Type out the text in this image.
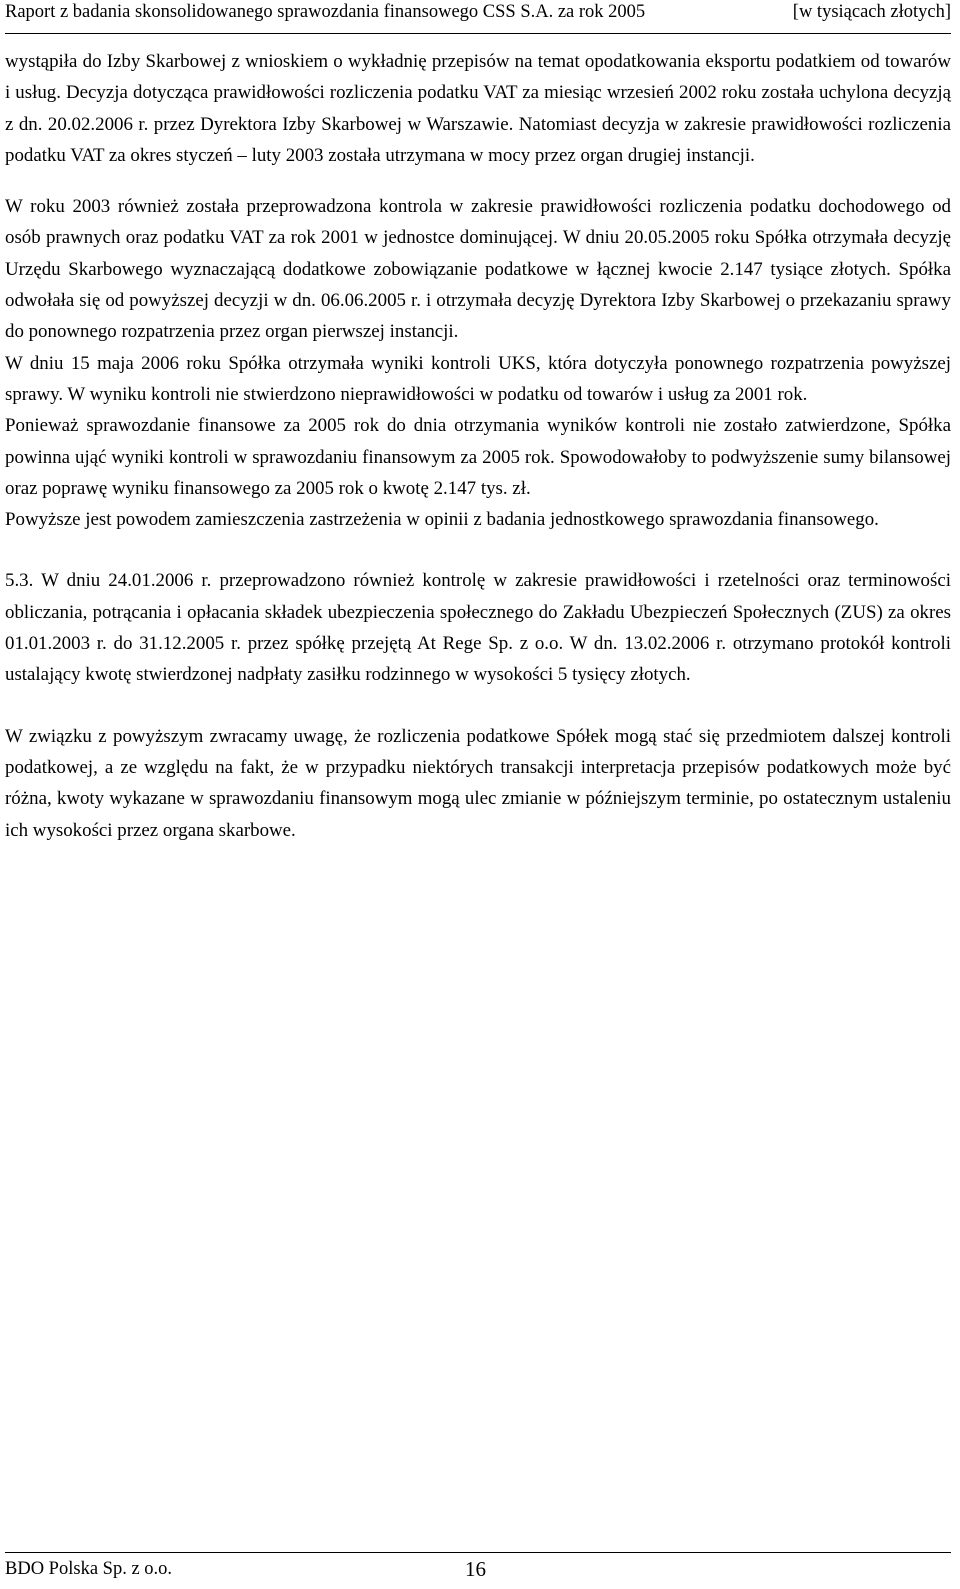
Raport z badania skonsolidowanego sprawozdania finansowego CSS S.A. za rok 2005	[w tysiącach złotych]

wystąpiła do Izby Skarbowej z wnioskiem o wykładnię przepisów na temat opodatkowania eksportu podatkiem od towarów i usług. Decyzja dotycząca prawidłowości rozliczenia podatku VAT za miesiąc wrzesień 2002 roku została uchylona decyzją z dn. 20.02.2006 r. przez Dyrektora Izby Skarbowej w Warszawie. Natomiast decyzja w zakresie prawidłowości rozliczenia podatku VAT za okres styczeń – luty 2003 została utrzymana w mocy przez organ drugiej instancji.

W roku 2003 również została przeprowadzona kontrola w zakresie prawidłowości rozliczenia podatku dochodowego od osób prawnych oraz podatku VAT za rok 2001 w jednostce dominującej. W dniu 20.05.2005 roku Spółka otrzymała decyzję Urzędu Skarbowego wyznaczającą dodatkowe zobowiązanie podatkowe w łącznej kwocie 2.147 tysiące złotych. Spółka odwołała się od powyższej decyzji w dn. 06.06.2005 r. i otrzymała decyzję Dyrektora Izby Skarbowej o przekazaniu sprawy do ponownego rozpatrzenia przez organ pierwszej instancji.

W dniu 15 maja 2006 roku Spółka otrzymała wyniki kontroli UKS, która dotyczyła ponownego rozpatrzenia powyższej sprawy. W wyniku kontroli nie stwierdzono nieprawidłowości w podatku od towarów i usług za 2001 rok.

Ponieważ sprawozdanie finansowe za 2005 rok do dnia otrzymania wyników kontroli nie zostało zatwierdzone, Spółka powinna ująć wyniki kontroli w sprawozdaniu finansowym za 2005 rok. Spowodowałoby to podwyższenie sumy bilansowej oraz poprawę wyniku finansowego za 2005 rok o kwotę 2.147 tys. zł.

Powyższe jest powodem zamieszczenia zastrzeżenia w opinii z badania jednostkowego sprawozdania finansowego.

5.3. W dniu 24.01.2006 r. przeprowadzono również kontrolę w zakresie prawidłowości i rzetelności oraz terminowości obliczania, potrącania i opłacania składek ubezpieczenia społecznego do Zakładu Ubezpieczeń Społecznych (ZUS) za okres 01.01.2003 r. do 31.12.2005 r. przez spółkę przejętą At Rege Sp. z o.o. W dn. 13.02.2006 r. otrzymano protokół kontroli ustalający kwotę stwierdzonej nadpłaty zasiłku rodzinnego w wysokości 5 tysięcy złotych.

W związku z powyższym zwracamy uwagę, że rozliczenia podatkowe Spółek mogą stać się przedmiotem dalszej kontroli podatkowej, a ze względu na fakt, że w przypadku niektórych transakcji interpretacja przepisów podatkowych może być różna, kwoty wykazane w sprawozdaniu finansowym mogą ulec zmianie w późniejszym terminie, po ostatecznym ustaleniu ich wysokości przez organa skarbowe.

BDO Polska Sp. z o.o.	16
